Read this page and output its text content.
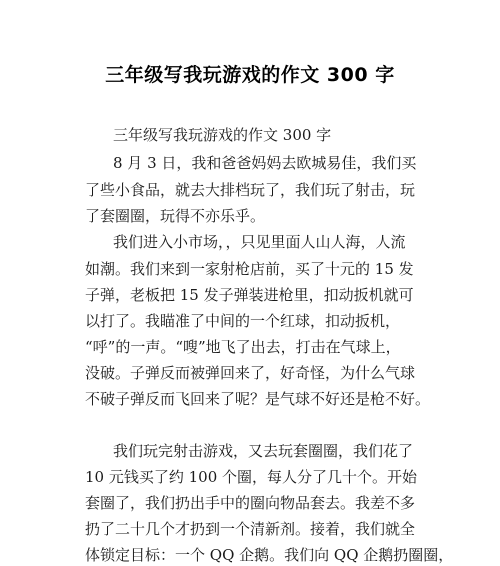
三年级写我玩游戏的作文 300 字
三年级写我玩游戏的作文 300 字
8 月 3 日，我和爸爸妈妈去欧城易佳，我们买
了些小食品，就去大排档玩了，我们玩了射击，玩
了套圈圈，玩得不亦乐乎。
我们进入小市场，，只见里面人山人海，人流
如潮。我们来到一家射枪店前，买了十元的 15 发
子弹，老板把 15 发子弹装进枪里，扣动扳机就可
以打了。我瞄准了中间的一个红球，扣动扳机，
“呼”的一声。“嗖”地飞了出去，打击在气球上，
没破。子弹反而被弹回来了，好奇怪，为什么气球
不破子弹反而飞回来了呢？是气球不好还是枪不好。
我们玩完射击游戏，又去玩套圈圈，我们花了
10 元钱买了约 100 个圈，每人分了几十个。开始
套圈了，我们扔出手中的圈向物品套去。我差不多
扔了二十几个才扔到一个清新剂。接着，我们就全
体锁定目标：一个 QQ 企鹅。我们向 QQ 企鹅扔圈圈，
